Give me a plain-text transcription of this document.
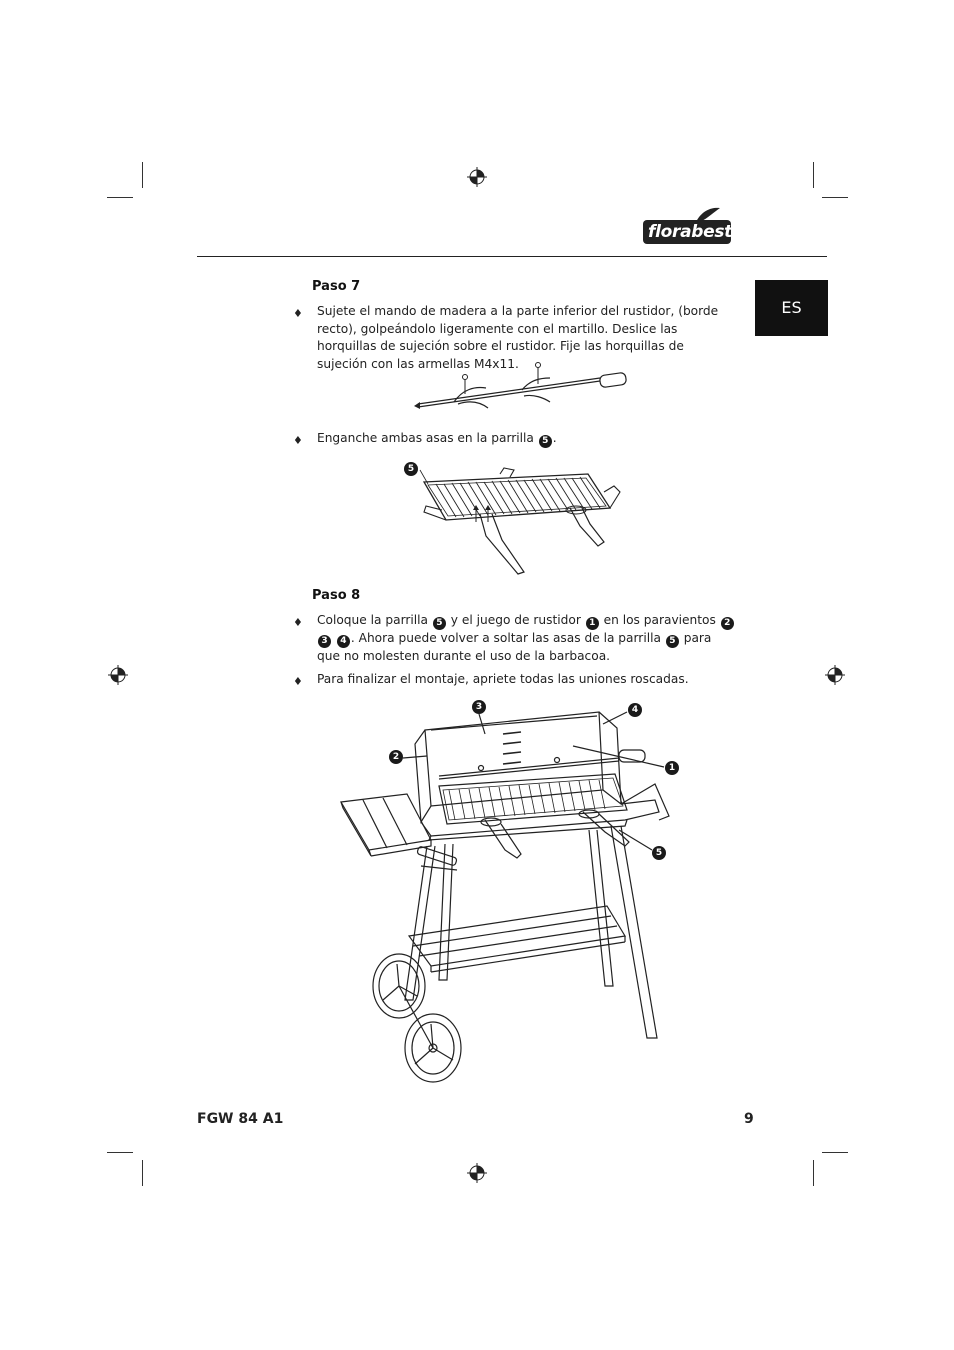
florabest
ES
Paso 7
♦ Sujete el mando de madera a la parte inferior del rustidor, (borde recto), golpeándolo ligeramente con el martillo. Deslice las horquillas de sujeción sobre el rustidor. Fije las horquillas de sujeción con las armellas M4x11.
♦ Enganche ambas asas en la parrilla 5 .
5
Paso 8
♦ Coloque la parrilla 5 y el juego de rustidor 1 en los paravientos 2 3 4 . Ahora puede volver a soltar las asas de la parrilla 5 para que no molesten durante el uso de la barbacoa.
♦ Para finalizar el montaje, apriete todas las uniones roscadas.
3	4
2
1
5
FGW 84 A1	9
